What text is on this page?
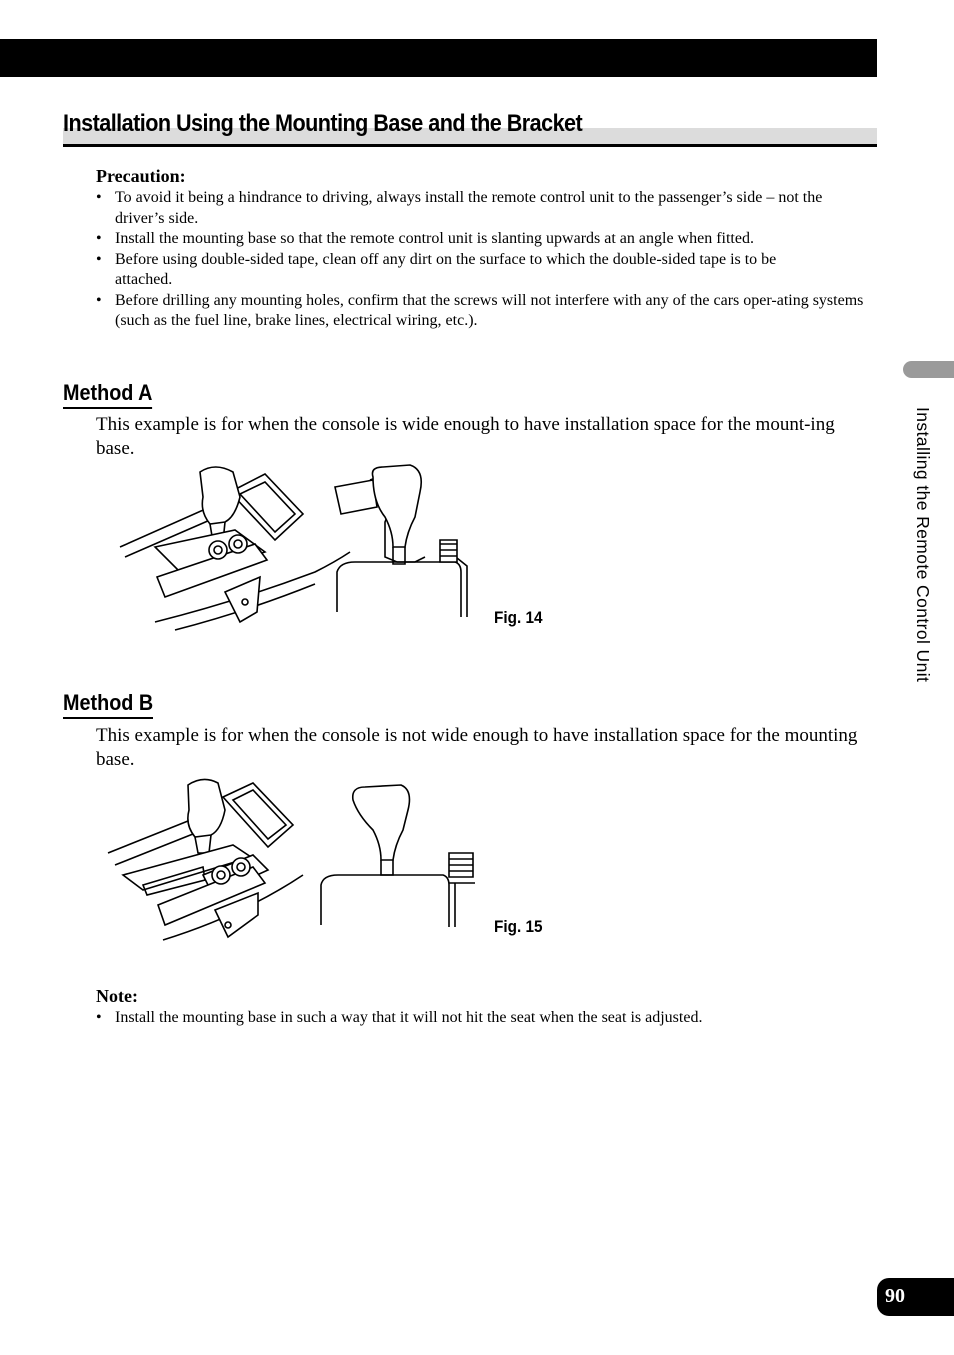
Installation Using the Mounting Base and the Bracket
Precaution:
• To avoid it being a hindrance to driving, always install the remote control unit to the passenger’s side – not the driver’s side.
• Install the mounting base so that the remote control unit is slanting upwards at an angle when fitted.
• Before using double-sided tape, clean off any dirt on the surface to which the double-sided tape is to be attached.
• Before drilling any mounting holes, confirm that the screws will not interfere with any of the cars oper-ating systems (such as the fuel line, brake lines, electrical wiring, etc.).
Method A

This example is for when the console is wide enough to have installation space for the mount-ing base.

Fig. 14
Method B

This example is for when the console is not wide enough to have installation space for the mounting base.

Fig. 15
Note:
• Install the mounting base in such a way that it will not hit the seat when the seat is adjusted.
Installing the Remote Control Unit
90
